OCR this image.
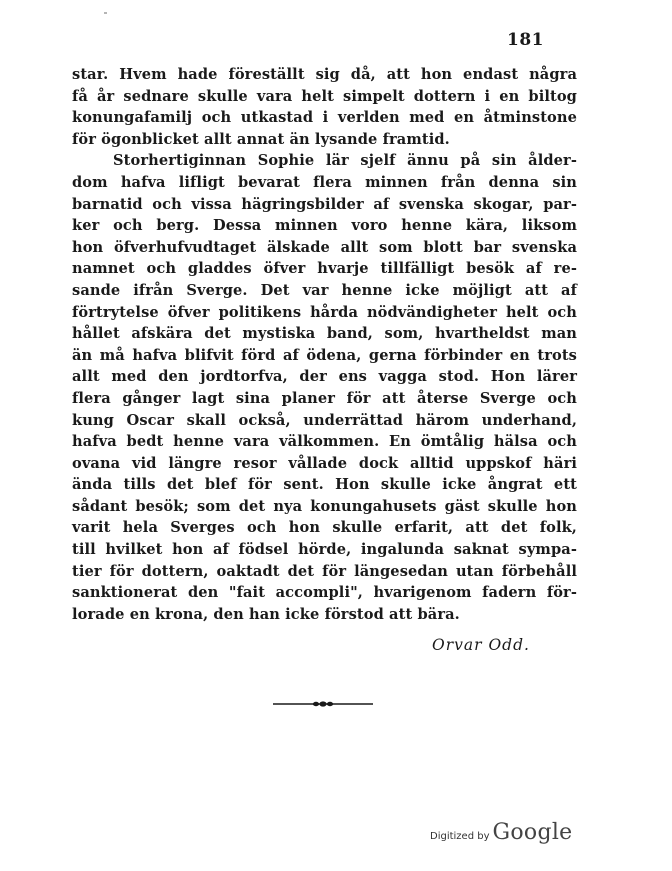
181
star. Hvem hade föreställt sig då, att hon endast några
få år sednare skulle vara helt simpelt dottern i en biltog
konungafamilj och utkastad i verlden med en åtminstone
för ögonblicket allt annat än lysande framtid.
Storhertiginnan Sophie lär sjelf ännu på sin ålder-
dom hafva lifligt bevarat flera minnen från denna sin
barnatid och vissa hägringsbilder af svenska skogar, par-
ker och berg. Dessa minnen voro henne kära, liksom
hon öfverhufvudtaget älskade allt som blott bar svenska
namnet och gladdes öfver hvarje tillfälligt besök af re-
sande ifrån Sverge. Det var henne icke möjligt att af
förtrytelse öfver politikens hårda nödvändigheter helt och
hållet afskära det mystiska band, som, hvartheldst man
än må hafva blifvit förd af ödena, gerna förbinder en trots
allt med den jordtorfva, der ens vagga stod. Hon lärer
flera gånger lagt sina planer för att återse Sverge och
kung Oscar skall också, underrättad härom underhand,
hafva bedt henne vara välkommen. En ömtålig hälsa och
ovana vid längre resor vållade dock alltid uppskof häri
ända tills det blef för sent. Hon skulle icke ångrat ett
sådant besök; som det nya konungahusets gäst skulle hon
varit hela Sverges och hon skulle erfarit, att det folk,
till hvilket hon af födsel hörde, ingalunda saknat sympa-
tier för dottern, oaktadt det för längesedan utan förbehåll
sanktionerat den "fait accompli", hvarigenom fadern för-
lorade en krona, den han icke förstod att bära.
Orvar Odd.
Digitized by Google
